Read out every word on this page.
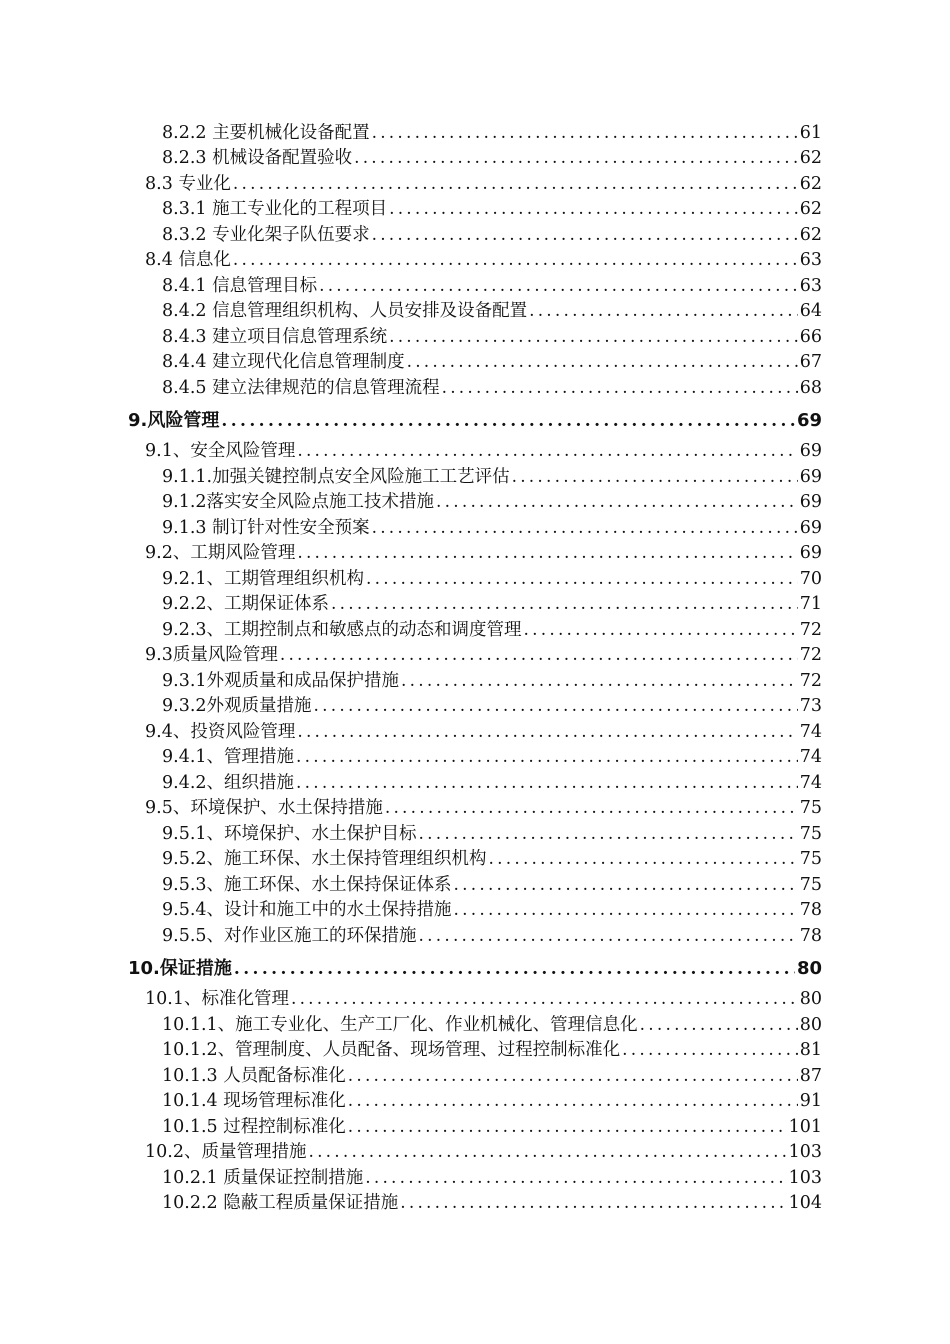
8.2.2 主要机械化设备配置 .....	61
8.2.3 机械设备配置验收 .....	62
8.3 专业化 .....	62
8.3.1 施工专业化的工程项目 .....	62
8.3.2 专业化架子队伍要求 .....	62
8.4 信息化 .....	63
8.4.1 信息管理目标 .....	63
8.4.2 信息管理组织机构、人员安排及设备配置 .....	64
8.4.3 建立项目信息管理系统 .....	66
8.4.4 建立现代化信息管理制度 .....	67
8.4.5 建立法律规范的信息管理流程 .....	68
9.风险管理 .....	69
9.1、安全风险管理 .....	69
9.1.1.加强关键控制点安全风险施工工艺评估 .....	69
9.1.2落实安全风险点施工技术措施 .....	69
9.1.3 制订针对性安全预案 .....	69
9.2、工期风险管理 .....	69
9.2.1、工期管理组织机构 .....	70
9.2.2、工期保证体系 .....	71
9.2.3、工期控制点和敏感点的动态和调度管理 .....	72
9.3质量风险管理 .....	72
9.3.1外观质量和成品保护措施 .....	72
9.3.2外观质量措施 .....	73
9.4、投资风险管理 .....	74
9.4.1、管理措施 .....	74
9.4.2、组织措施 .....	74
9.5、环境保护、水土保持措施 .....	75
9.5.1、环境保护、水土保护目标 .....	75
9.5.2、施工环保、水土保持管理组织机构 .....	75
9.5.3、施工环保、水土保持保证体系 .....	75
9.5.4、设计和施工中的水土保持措施 .....	78
9.5.5、对作业区施工的环保措施 .....	78
10.保证措施 .....	80
10.1、标准化管理 .....	80
10.1.1、施工专业化、生产工厂化、作业机械化、管理信息化 .....	80
10.1.2、管理制度、人员配备、现场管理、过程控制标准化 .....	81
10.1.3 人员配备标准化 .....	87
10.1.4 现场管理标准化 .....	91
10.1.5 过程控制标准化 .....	101
10.2、质量管理措施 .....	103
10.2.1 质量保证控制措施 .....	103
10.2.2 隐蔽工程质量保证措施 .....	104
